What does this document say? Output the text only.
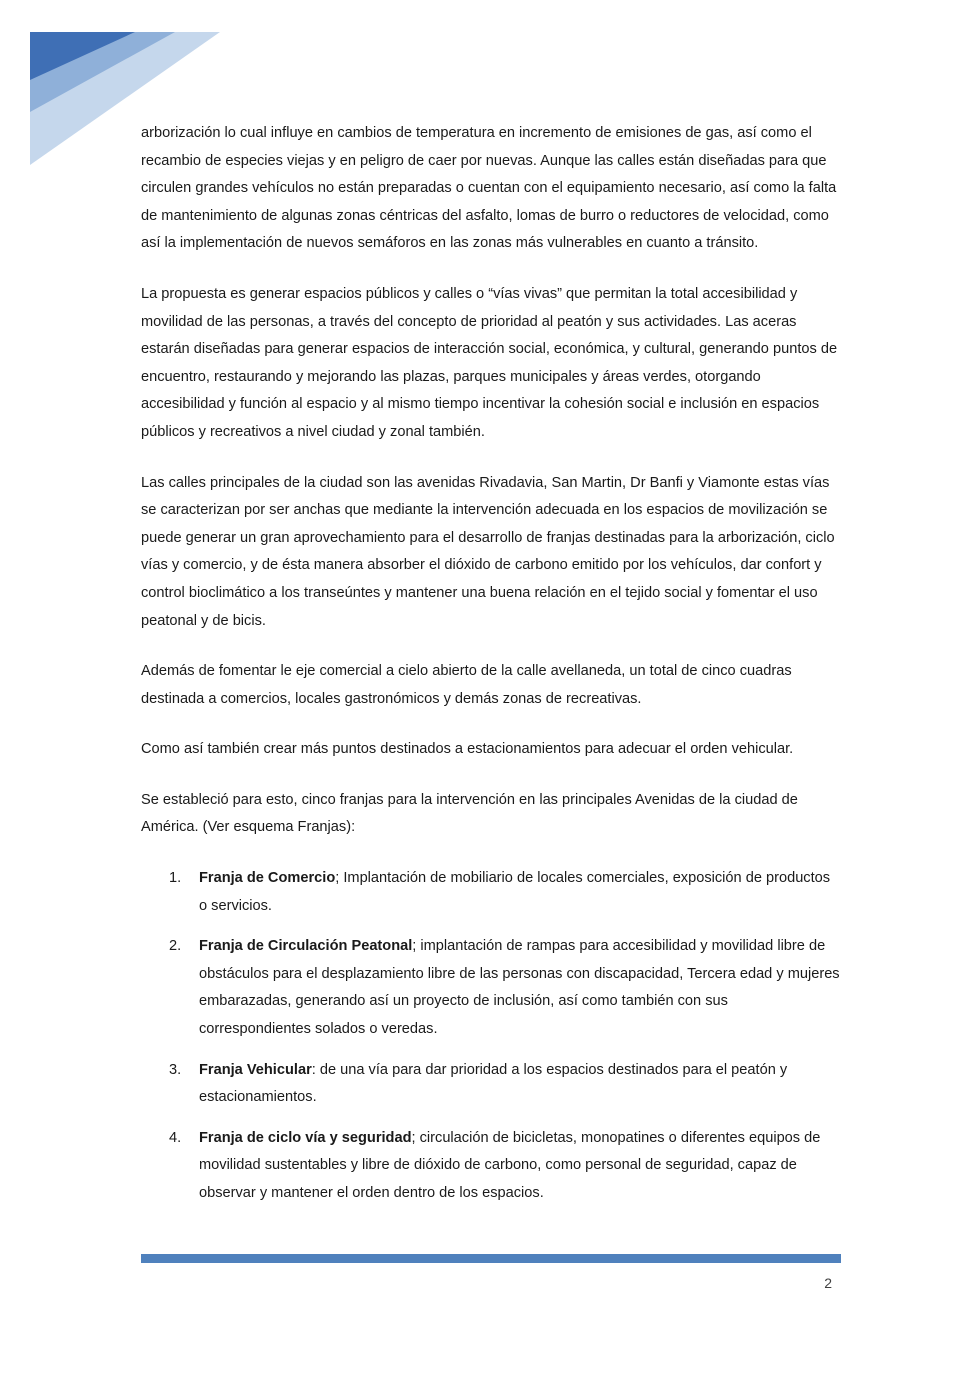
arborización lo cual influye en cambios de temperatura en incremento de emisiones de gas, así como el recambio de especies viejas y en peligro de caer por nuevas. Aunque las calles están diseñadas para que circulen grandes vehículos no están preparadas o cuentan con el equipamiento necesario, así como la falta de mantenimiento de algunas zonas céntricas del asfalto, lomas de burro o reductores de velocidad, como así la implementación de nuevos semáforos en las zonas más vulnerables en cuanto a tránsito.

La propuesta es generar espacios públicos y calles o “vías vivas” que permitan la total accesibilidad y movilidad de las personas, a través del concepto de prioridad al peatón y sus actividades. Las aceras estarán diseñadas para generar espacios de interacción social, económica, y cultural, generando puntos de encuentro, restaurando y mejorando las plazas, parques municipales y áreas verdes, otorgando accesibilidad y función al espacio y al mismo tiempo incentivar la cohesión social e inclusión en espacios públicos y recreativos a nivel ciudad y zonal también.

Las calles principales de la ciudad son las avenidas Rivadavia, San Martin, Dr Banfi y Viamonte estas vías se caracterizan por ser anchas que mediante la intervención adecuada en los espacios de movilización se puede generar un gran aprovechamiento para el desarrollo de franjas destinadas para la arborización, ciclo vías y comercio, y de ésta manera absorber el dióxido de carbono emitido por los vehículos, dar confort y control bioclimático a los transeúntes y mantener una buena relación en el tejido social y fomentar el uso peatonal y de bicis.

Además de fomentar le eje comercial a cielo abierto de la calle avellaneda, un total de cinco cuadras destinada a comercios, locales gastronómicos y demás zonas de recreativas.

Como así también crear más puntos destinados a estacionamientos para adecuar el orden vehicular.

Se estableció para esto, cinco franjas para la intervención en las principales Avenidas de la ciudad de América. (Ver esquema Franjas):

1. Franja de Comercio; Implantación de mobiliario de locales comerciales, exposición de productos o servicios.
2. Franja de Circulación Peatonal; implantación de rampas para accesibilidad y movilidad libre de obstáculos para el desplazamiento libre de las personas con discapacidad, Tercera edad y mujeres embarazadas, generando así un proyecto de inclusión, así como también con sus correspondientes solados o veredas.
3. Franja Vehicular: de una vía para dar prioridad a los espacios destinados para el peatón y estacionamientos.
4. Franja de ciclo vía y seguridad; circulación de bicicletas, monopatines o diferentes equipos de movilidad sustentables y libre de dióxido de carbono, como personal de seguridad, capaz de observar y mantener el orden dentro de los espacios.
2
